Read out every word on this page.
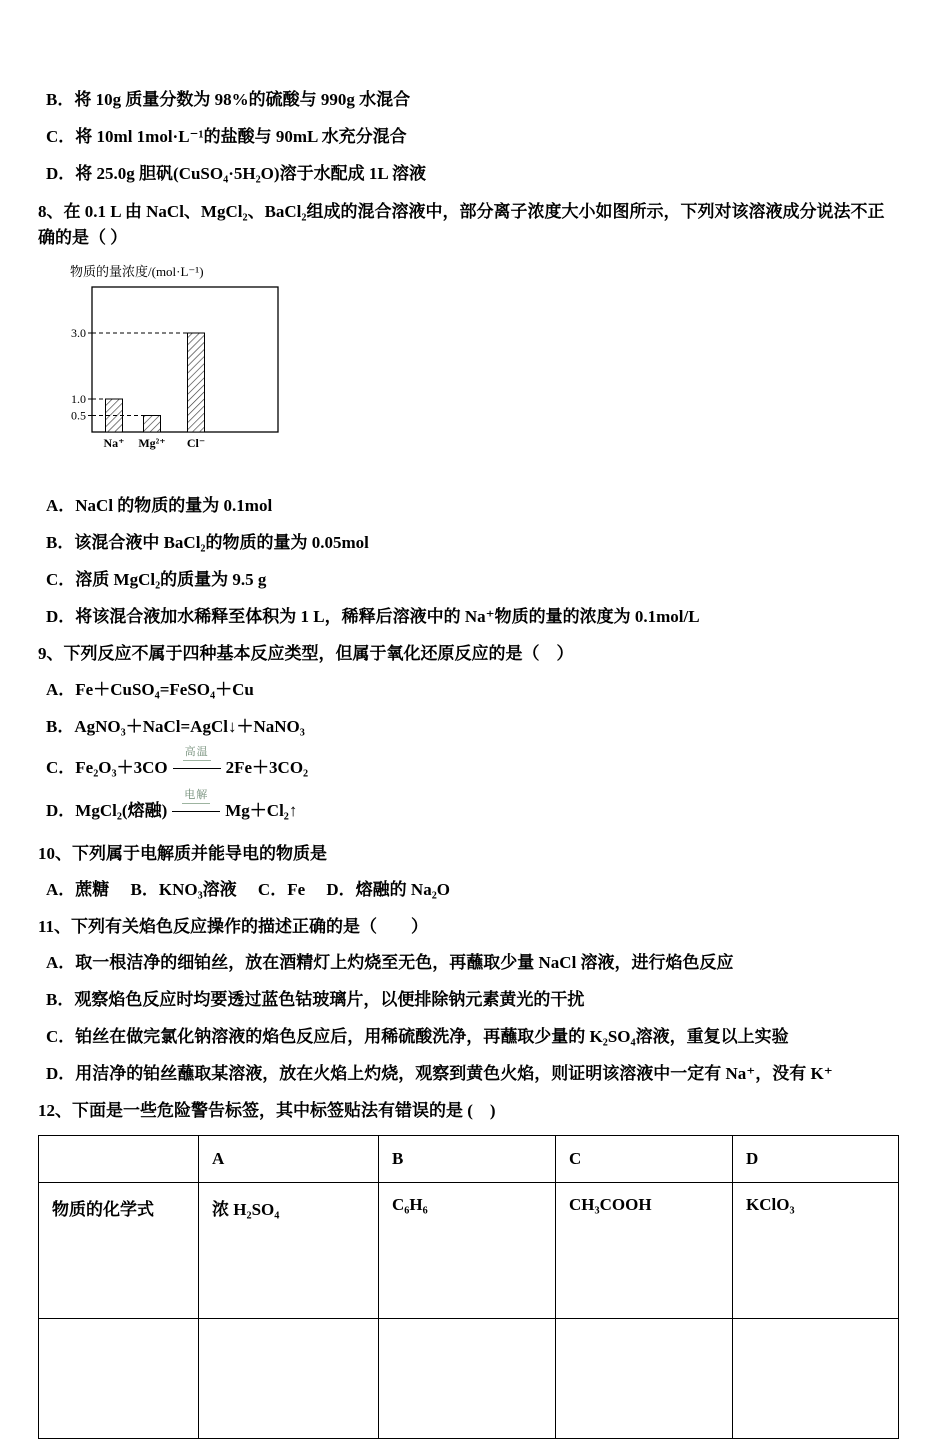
B．将 10g 质量分数为 98%的硫酸与 990g 水混合
C．将 10ml 1mol·L⁻¹的盐酸与 90mL 水充分混合
D．将 25.0g 胆矾(CuSO₄·5H₂O)溶于水配成 1L 溶液
8、在 0.1 L 由 NaCl、MgCl₂、BaCl₂组成的混合溶液中，部分离子浓度大小如图所示，下列对该溶液成分说法不正确的是（ ）
物质的量浓度/(mol·L⁻¹)
0.5
1.0
3.0
Na⁺ Mg²⁺ Cl⁻
A．NaCl 的物质的量为 0.1mol
B．该混合液中 BaCl₂的物质的量为 0.05mol
C．溶质 MgCl₂的质量为 9.5 g
D．将该混合液加水稀释至体积为 1 L，稀释后溶液中的 Na⁺物质的量的浓度为 0.1mol/L
9、下列反应不属于四种基本反应类型，但属于氧化还原反应的是（　）
A．Fe＋CuSO₄=FeSO₄＋Cu
B．AgNO₃＋NaCl=AgCl↓＋NaNO₃
C．Fe₂O₃＋3CO
高温
2Fe＋3CO₂
D．MgCl₂(熔融)
电解
Mg＋Cl₂↑
10、下列属于电解质并能导电的物质是
A．蔗糖　 B．KNO₃溶液　 C．Fe　 D．熔融的 Na₂O
11、下列有关焰色反应操作的描述正确的是（　　）
A．取一根洁净的细铂丝，放在酒精灯上灼烧至无色，再蘸取少量 NaCl 溶液，进行焰色反应
B．观察焰色反应时均要透过蓝色钴玻璃片，以便排除钠元素黄光的干扰
C．铂丝在做完氯化钠溶液的焰色反应后，用稀硫酸洗净，再蘸取少量的 K₂SO₄溶液，重复以上实验
D．用洁净的铂丝蘸取某溶液，放在火焰上灼烧，观察到黄色火焰，则证明该溶液中一定有 Na⁺，没有 K⁺
12、下面是一些危险警告标签，其中标签贴法有错误的是 (　)
	A	B	C	D
物质的化学式	浓 H₂SO₄	C₆H₆	CH₃COOH	KClO₃
